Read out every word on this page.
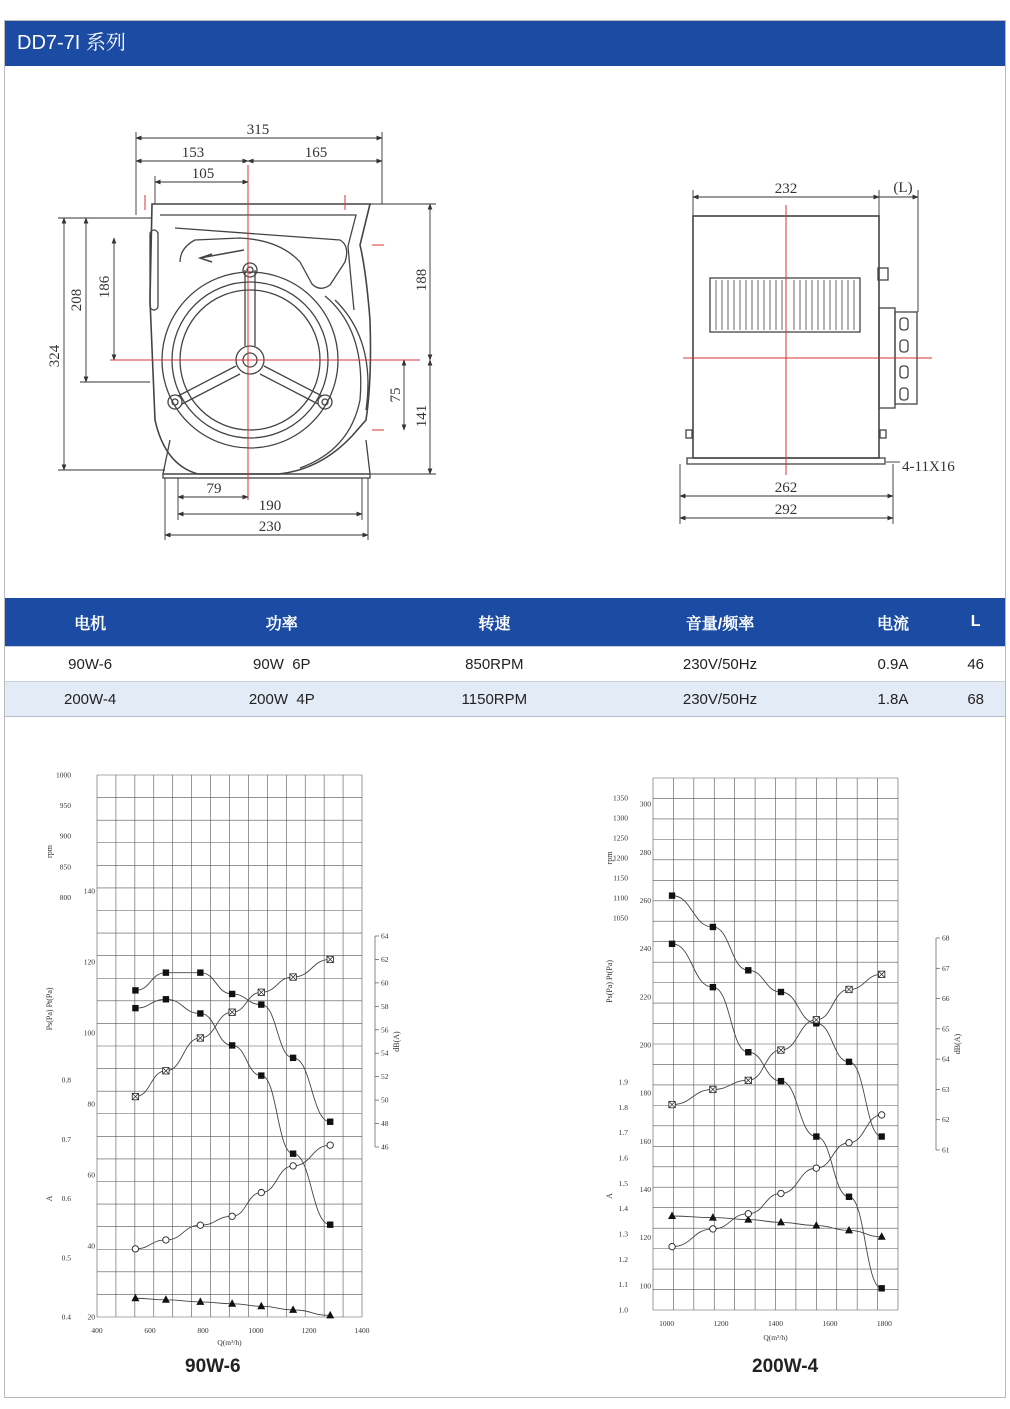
DD7-7I 系列
315
153	165
105
324
208
186	188
75
141
79
190
230
232	(L)
262
292
4-11X16
电机	功率	转速	音量/频率	电流	L
90W-6	90W  6P	850RPM	230V/50Hz	0.9A	46
200W-4	200W  4P	1150RPM	230V/50Hz	1.8A	68
400	600	800	1000	1200	1400
Q(m³/h)
1000
950
900
850
800
rpm
140
120
100
80
60
40
20
Ps(Pa) Pt(Pa)
0.8
0.7
0.6
0.5
0.4
A
64
62
60
58
56
54
52
50
48
46
dB(A)
1000	1200	1400	1600	1800
Q(m³/h)
1350
1300
1250
1200
1150
1100
1050
rpm
300
280
260
240
220
200
180
160
140
120
100
Ps(Pa) Pt(Pa)
1.9
1.8
1.7
1.6
1.5
1.4
1.3
1.2
1.1
1.0
A
68
67
66
65
64
63
62
61
dB(A)
90W-6	200W-4
